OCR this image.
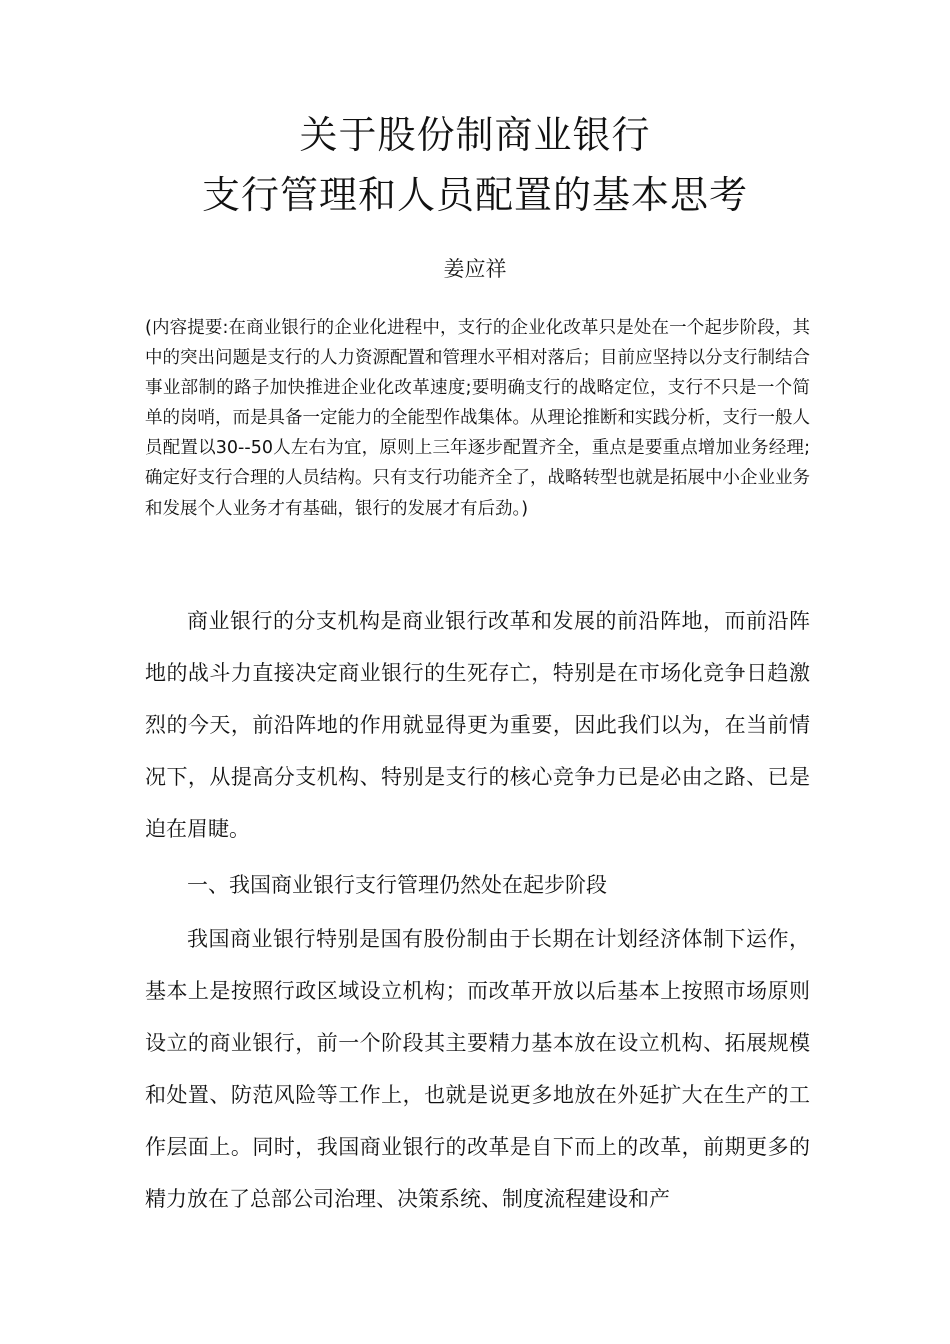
关于股份制商业银行
支行管理和人员配置的基本思考
姜应祥
(内容提要:在商业银行的企业化进程中，支行的企业化改革只是处在一个起步阶段，其中的突出问题是支行的人力资源配置和管理水平相对落后；目前应坚持以分支行制结合事业部制的路子加快推进企业化改革速度;要明确支行的战略定位，支行不只是一个简单的岗哨，而是具备一定能力的全能型作战集体。从理论推断和实践分析，支行一般人员配置以30--50人左右为宜，原则上三年逐步配置齐全，重点是要重点增加业务经理;确定好支行合理的人员结构。只有支行功能齐全了，战略转型也就是拓展中小企业业务和发展个人业务才有基础，银行的发展才有后劲。)
商业银行的分支机构是商业银行改革和发展的前沿阵地，而前沿阵地的战斗力直接决定商业银行的生死存亡，特别是在市场化竞争日趋激烈的今天，前沿阵地的作用就显得更为重要，因此我们以为，在当前情况下，从提高分支机构、特别是支行的核心竞争力已是必由之路、已是迫在眉睫。
一、我国商业银行支行管理仍然处在起步阶段
我国商业银行特别是国有股份制由于长期在计划经济体制下运作，基本上是按照行政区域设立机构；而改革开放以后基本上按照市场原则设立的商业银行，前一个阶段其主要精力基本放在设立机构、拓展规模和处置、防范风险等工作上，也就是说更多地放在外延扩大在生产的工作层面上。同时，我国商业银行的改革是自下而上的改革，前期更多的精力放在了总部公司治理、决策系统、制度流程建设和产
